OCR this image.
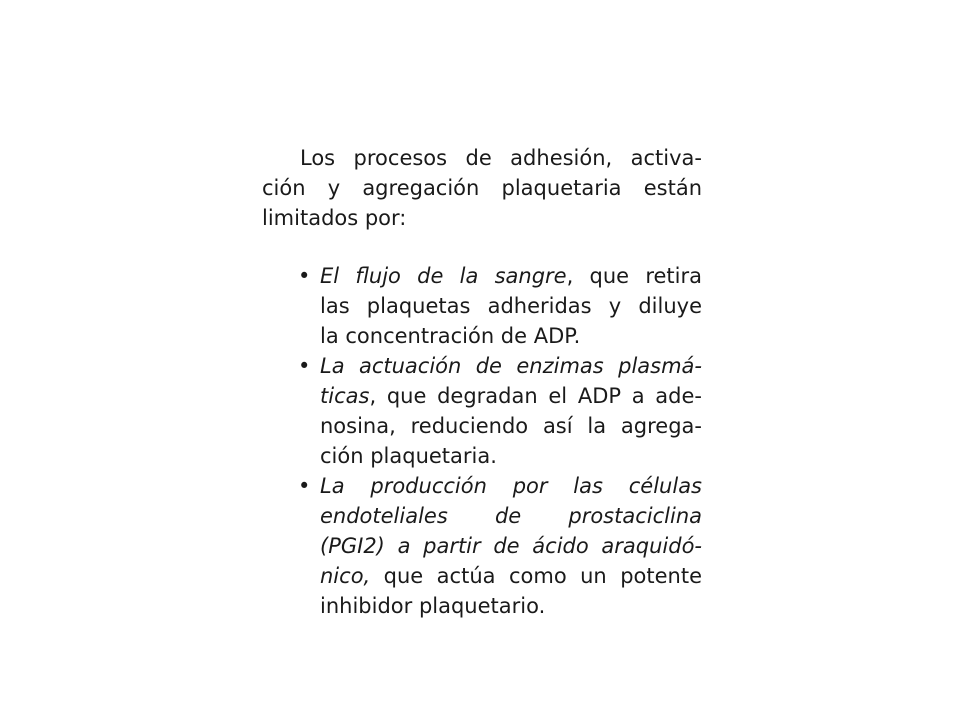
Los procesos de adhesión, activa-
ción y agregación plaquetaria están
limitados por:

• El flujo de la sangre, que retira
las plaquetas adheridas y diluye
la concentración de ADP.
• La actuación de enzimas plasmá-
ticas, que degradan el ADP a ade-
nosina, reduciendo así la agrega-
ción plaquetaria.
• La producción por las células
endoteliales de prostaciclina
(PGI2) a partir de ácido araquidó-
nico, que actúa como un potente
inhibidor plaquetario.
